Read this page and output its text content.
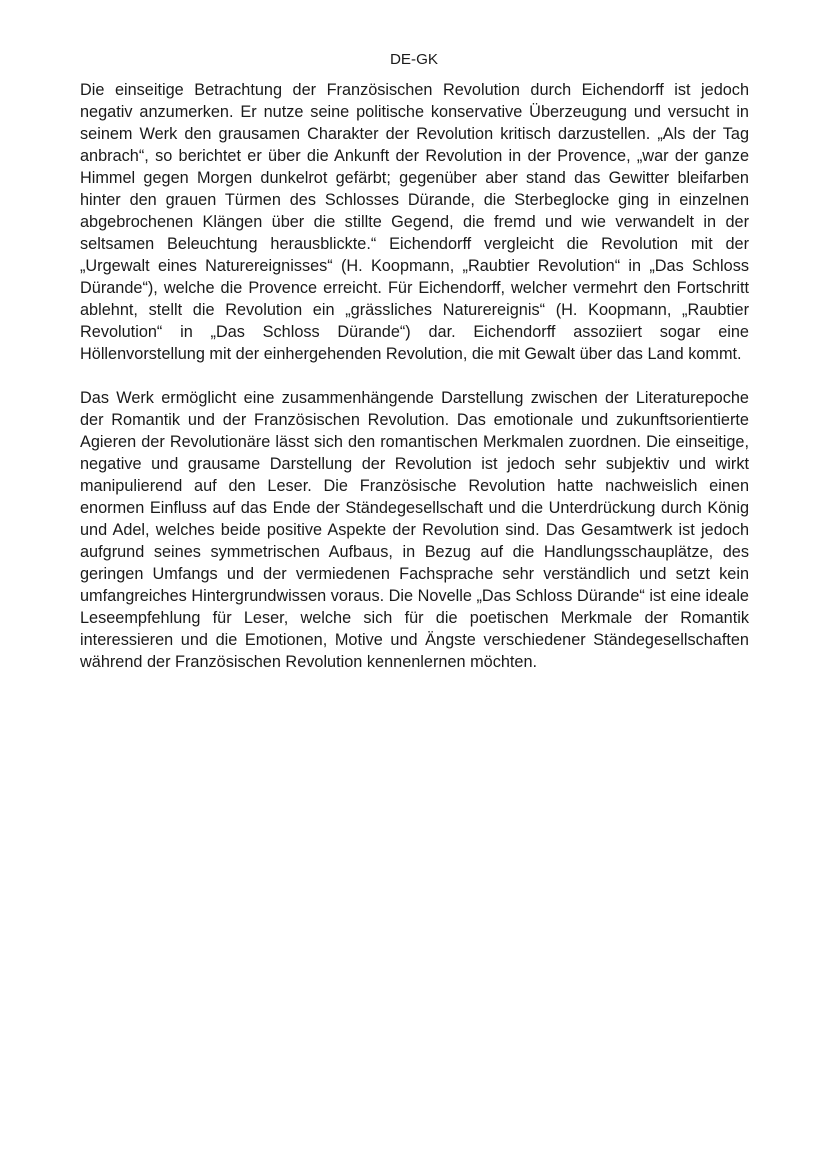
DE-GK

Die einseitige Betrachtung der Französischen Revolution durch Eichendorff ist jedoch negativ anzumerken. Er nutze seine politische konservative Überzeugung und versucht in seinem Werk den grausamen Charakter der Revolution kritisch darzustellen. „Als der Tag anbrach“, so berichtet er über die Ankunft der Revolution in der Provence, „war der ganze Himmel gegen Morgen dunkelrot gefärbt; gegenüber aber stand das Gewitter bleifarben hinter den grauen Türmen des Schlosses Dürande, die Sterbeglocke ging in einzelnen abgebrochenen Klängen über die stillte Gegend, die fremd und wie verwandelt in der seltsamen Beleuchtung herausblickte.“ Eichendorff vergleicht die Revolution mit der „Urgewalt eines Naturereignisses“ (H. Koopmann, „Raubtier Revolution“ in „Das Schloss Dürande“), welche die Provence erreicht. Für Eichendorff, welcher vermehrt den Fortschritt ablehnt, stellt die Revolution ein „grässliches Naturereignis“ (H. Koopmann, „Raubtier Revolution“ in „Das Schloss Dürande“) dar. Eichendorff assoziiert sogar eine Höllenvorstellung mit der einhergehenden Revolution, die mit Gewalt über das Land kommt.

Das Werk ermöglicht eine zusammenhängende Darstellung zwischen der Literaturepoche der Romantik und der Französischen Revolution. Das emotionale und zukunftsorientierte Agieren der Revolutionäre lässt sich den romantischen Merkmalen zuordnen. Die einseitige, negative und grausame Darstellung der Revolution ist jedoch sehr subjektiv und wirkt manipulierend auf den Leser. Die Französische Revolution hatte nachweislich einen enormen Einfluss auf das Ende der Ständegesellschaft und die Unterdrückung durch König und Adel, welches beide positive Aspekte der Revolution sind. Das Gesamtwerk ist jedoch aufgrund seines symmetrischen Aufbaus, in Bezug auf die Handlungsschauplätze, des geringen Umfangs und der vermiedenen Fachsprache sehr verständlich und setzt kein umfangreiches Hintergrundwissen voraus. Die Novelle „Das Schloss Dürande“ ist eine ideale Leseempfehlung für Leser, welche sich für die poetischen Merkmale der Romantik interessieren und die Emotionen, Motive und Ängste verschiedener Ständegesellschaften während der Französischen Revolution kennenlernen möchten.
